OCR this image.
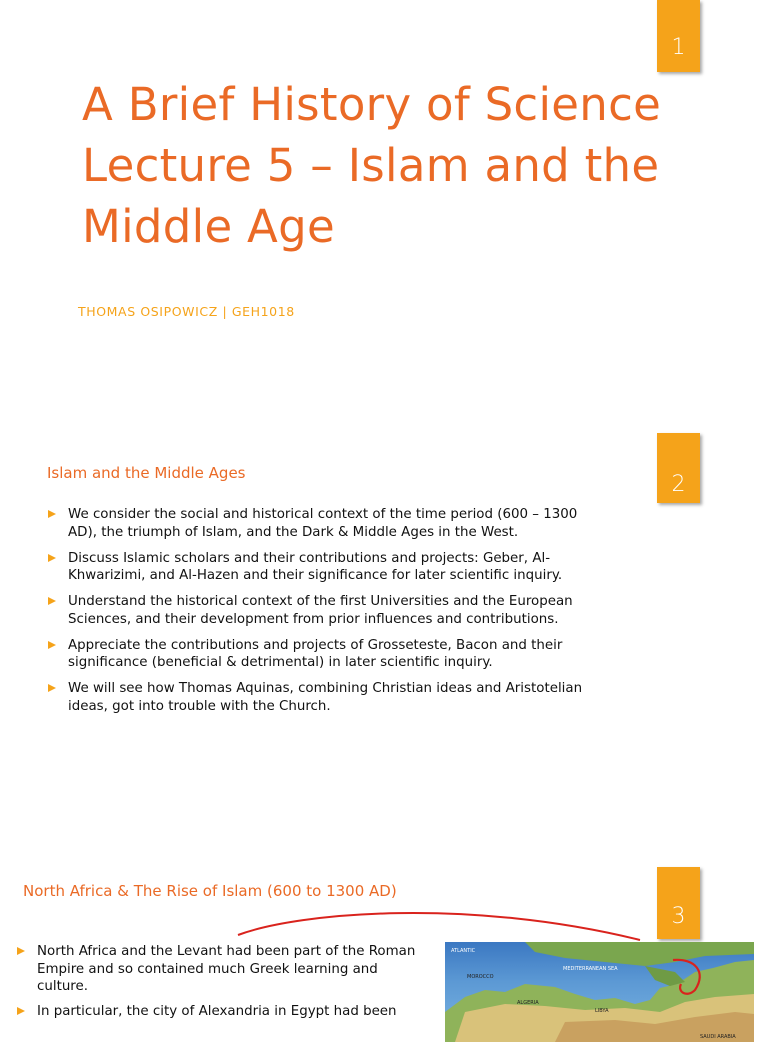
1
A Brief History of Science
Lecture 5 – Islam and the
Middle Age
THOMAS OSIPOWICZ | GEH1018
2
Islam and the Middle Ages
We consider the social and historical context of the time period (600 – 1300 AD), the triumph of Islam, and the Dark & Middle Ages in the West.
Discuss Islamic scholars and their contributions and projects: Geber, Al-Khwarizimi, and Al-Hazen and their significance for later scientific inquiry.
Understand the historical context of the first Universities and the European Sciences, and their development from prior influences and contributions.
Appreciate the contributions and projects of Grosseteste, Bacon and their significance (beneficial & detrimental) in later scientific inquiry.
We will see how Thomas Aquinas, combining Christian ideas and Aristotelian ideas, got into trouble with the Church.
3
North Africa & The Rise of Islam (600 to 1300 AD)
North Africa and the Levant had been part of the Roman Empire and so contained much Greek learning and culture.
In particular, the city of Alexandria in Egypt had been
ATLANTIC
MOROCCO
ALGERIA
MEDITERRANEAN SEA
LIBYA
SAUDI ARABIA
